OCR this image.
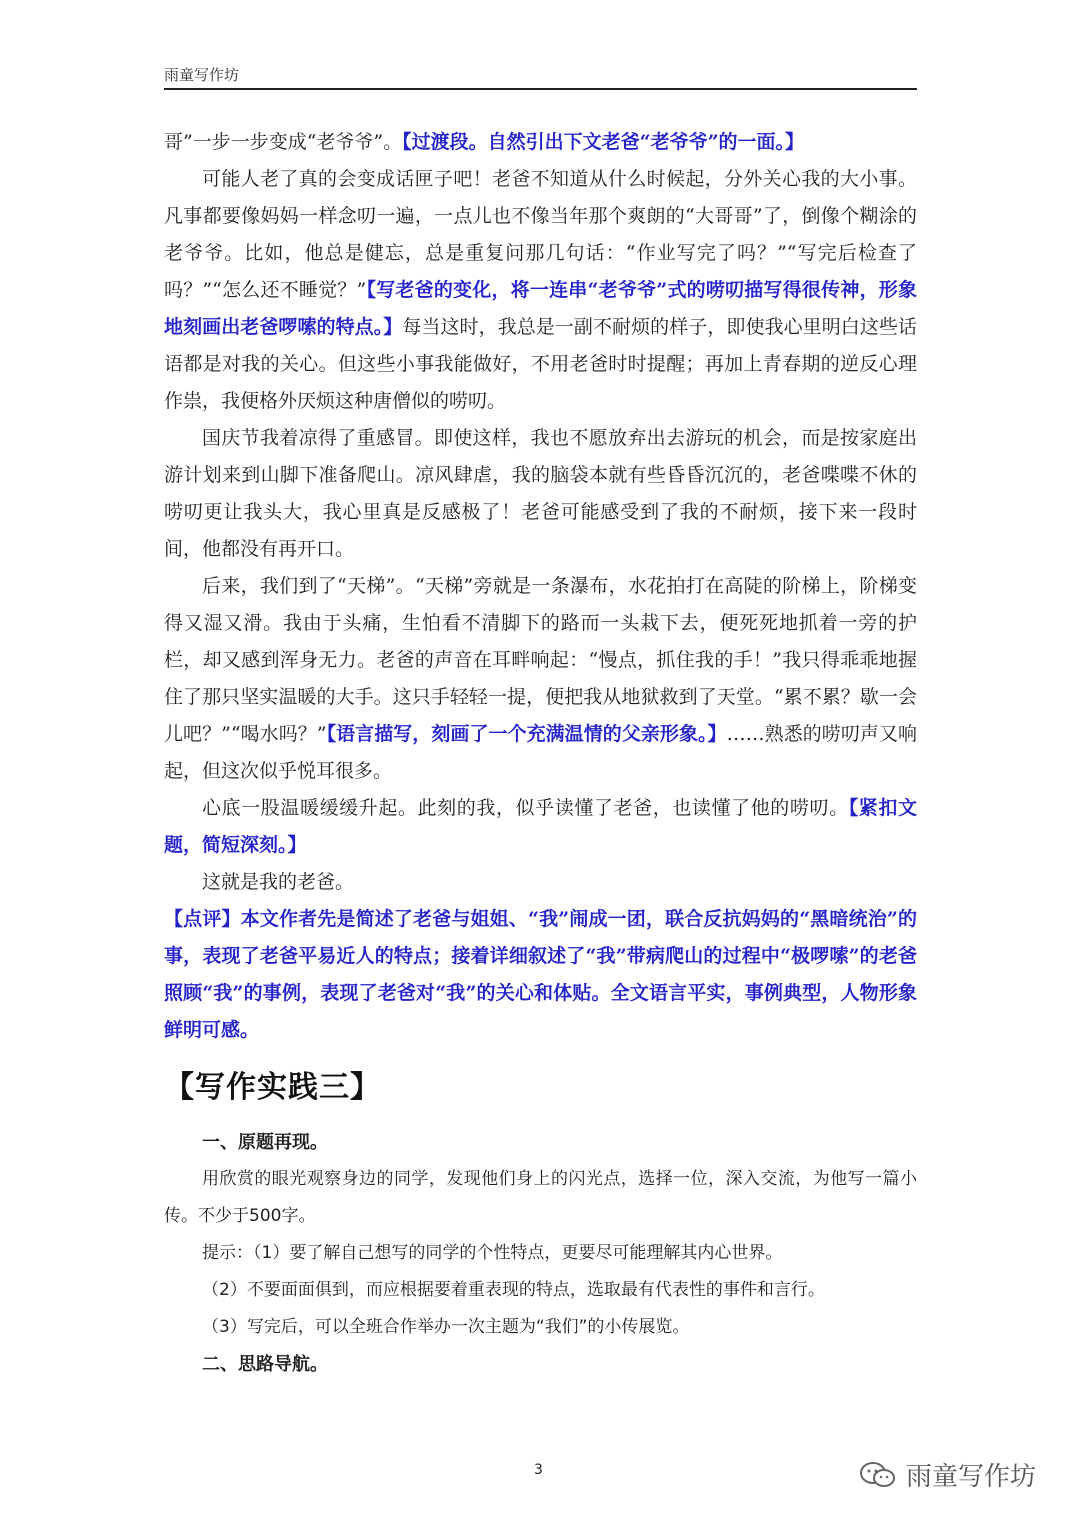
雨童写作坊

哥”一步一步变成“老爷爷”。【过渡段。自然引出下文老爸“老爷爷”的一面。】

可能人老了真的会变成话匣子吧！老爸不知道从什么时候起，分外关心我的大小事。凡事都要像妈妈一样念叨一遍，一点儿也不像当年那个爽朗的“大哥哥”了，倒像个糊涂的老爷爷。比如，他总是健忘，总是重复问那几句话：“作业写完了吗？”“写完后检查了吗？”“怎么还不睡觉？”【写老爸的变化，将一连串“老爷爷”式的唠叨描写得很传神，形象地刻画出老爸啰嗦的特点。】每当这时，我总是一副不耐烦的样子，即使我心里明白这些话语都是对我的关心。但这些小事我能做好，不用老爸时时提醒；再加上青春期的逆反心理作祟，我便格外厌烦这种唐僧似的唠叨。

国庆节我着凉得了重感冒。即使这样，我也不愿放弃出去游玩的机会，而是按家庭出游计划来到山脚下准备爬山。凉风肆虐，我的脑袋本就有些昏昏沉沉的，老爸喋喋不休的唠叨更让我头大，我心里真是反感极了！老爸可能感受到了我的不耐烦，接下来一段时间，他都没有再开口。

后来，我们到了“天梯”。“天梯”旁就是一条瀑布，水花拍打在高陡的阶梯上，阶梯变得又湿又滑。我由于头痛，生怕看不清脚下的路而一头栽下去，便死死地抓着一旁的护栏，却又感到浑身无力。老爸的声音在耳畔响起：“慢点，抓住我的手！”我只得乖乖地握住了那只坚实温暖的大手。这只手轻轻一提，便把我从地狱救到了天堂。“累不累？歇一会儿吧？”“喝水吗？”【语言描写，刻画了一个充满温情的父亲形象。】……熟悉的唠叨声又响起，但这次似乎悦耳很多。

心底一股温暖缓缓升起。此刻的我，似乎读懂了老爸，也读懂了他的唠叨。【紧扣文题，简短深刻。】

这就是我的老爸。

【点评】本文作者先是简述了老爸与姐姐、“我”闹成一团，联合反抗妈妈的“黑暗统治”的事，表现了老爸平易近人的特点；接着详细叙述了“我”带病爬山的过程中“极啰嗦”的老爸照顾“我”的事例，表现了老爸对“我”的关心和体贴。全文语言平实，事例典型，人物形象鲜明可感。

【写作实践三】

一、原题再现。

用欣赏的眼光观察身边的同学，发现他们身上的闪光点，选择一位，深入交流，为他写一篇小传。不少于500字。

提示：（1）要了解自己想写的同学的个性特点，更要尽可能理解其内心世界。

（2）不要面面俱到，而应根据要着重表现的特点，选取最有代表性的事件和言行。

（3）写完后，可以全班合作举办一次主题为“我们”的小传展览。

二、思路导航。

3	雨童写作坊
